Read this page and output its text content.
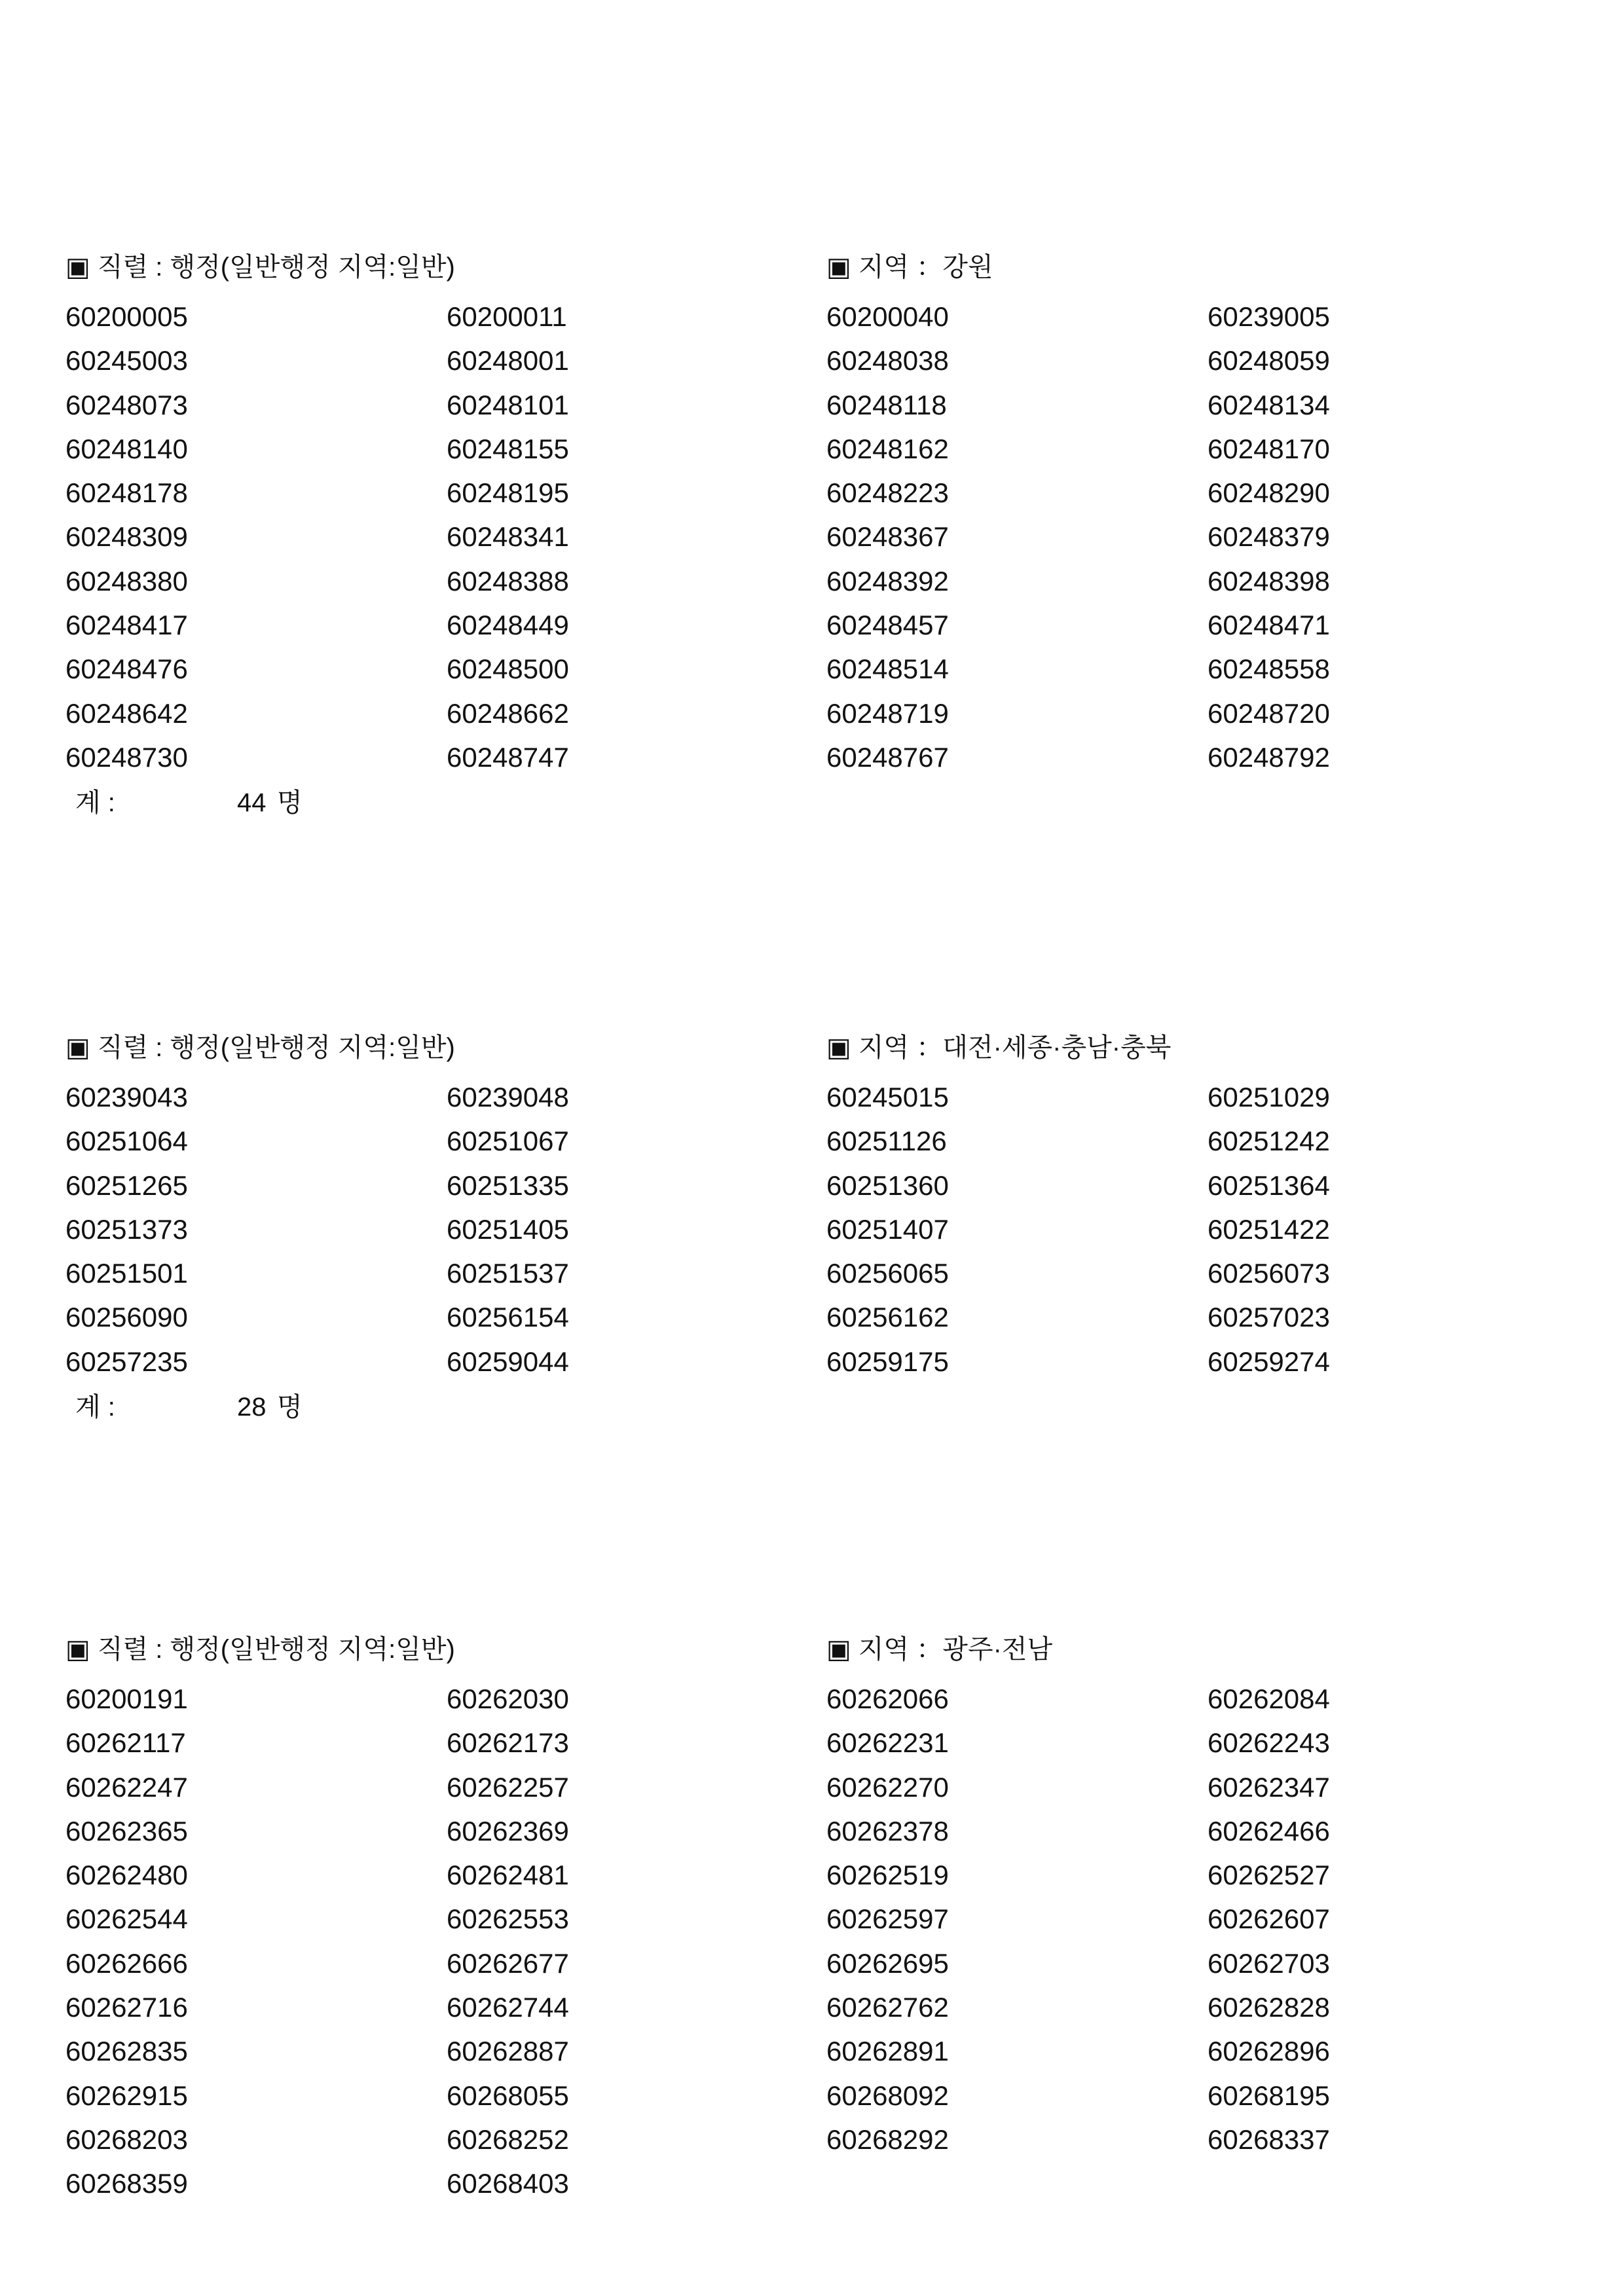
▣ 직렬 : 행정(일반행정 지역:일반)	▣ 지역 ：강원
60200005	60200011	60200040	60239005
60245003	60248001	60248038	60248059
60248073	60248101	60248118	60248134
60248140	60248155	60248162	60248170
60248178	60248195	60248223	60248290
60248309	60248341	60248367	60248379
60248380	60248388	60248392	60248398
60248417	60248449	60248457	60248471
60248476	60248500	60248514	60248558
60248642	60248662	60248719	60248720
60248730	60248747	60248767	60248792
계 :	44 명
▣ 직렬 : 행정(일반행정 지역:일반)	▣ 지역 ：대전·세종·충남·충북
60239043	60239048	60245015	60251029
60251064	60251067	60251126	60251242
60251265	60251335	60251360	60251364
60251373	60251405	60251407	60251422
60251501	60251537	60256065	60256073
60256090	60256154	60256162	60257023
60257235	60259044	60259175	60259274
계 :	28 명
▣ 직렬 : 행정(일반행정 지역:일반)	▣ 지역 ：광주·전남
60200191	60262030	60262066	60262084
60262117	60262173	60262231	60262243
60262247	60262257	60262270	60262347
60262365	60262369	60262378	60262466
60262480	60262481	60262519	60262527
60262544	60262553	60262597	60262607
60262666	60262677	60262695	60262703
60262716	60262744	60262762	60262828
60262835	60262887	60262891	60262896
60262915	60268055	60268092	60268195
60268203	60268252	60268292	60268337
60268359	60268403
